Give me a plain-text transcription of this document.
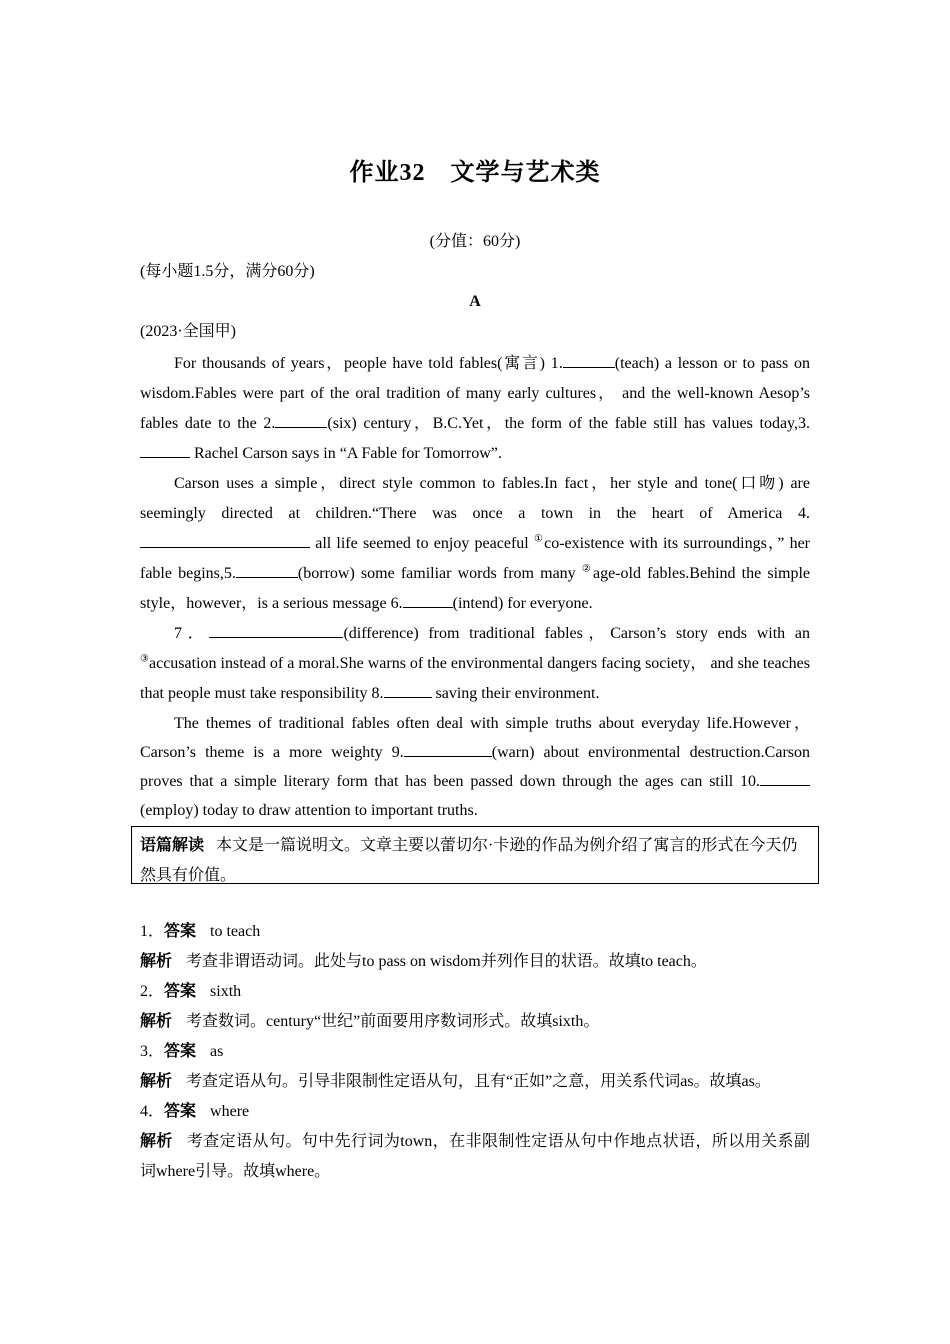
作业32　文学与艺术类
(分值：60分)
(每小题1.5分，满分60分)
A
(2023·全国甲)

For thousands of years，people have told fables(寓言) 1.	(teach) a lesson or to pass on wisdom.Fables were part of the oral tradition of many early cultures， and the well-known Aesop’s fables date to the 2.	(six) century，B.C.Yet，the form of the fable still has values today,3. Rachel Carson says in “A Fable for Tomorrow”.

Carson uses a simple，direct style common to fables.In fact，her style and tone(口吻) are seemingly directed at children.“There was once a town in the heart of America 4. all life seemed to enjoy peaceful ①co-existence with its surroundings，” her fable begins,5.	(borrow) some familiar words from many ②age-old fables.Behind the simple style，however，is a serious message 6.	(intend) for everyone.

7．	(difference) from traditional fables，Carson’s story ends with an ③accusation instead of a moral.She warns of the environmental dangers facing society， and she teaches that people must take responsibility 8.	saving their environment.

The themes of traditional fables often deal with simple truths about everyday life.However，Carson’s theme is a more weighty 9.	(warn) about environmental destruction.Carson proves that a simple literary form that has been passed down through the ages can still 10.(employ) today to draw attention to important truths.

语篇解读 本文是一篇说明文。文章主要以蕾切尔·卡逊的作品为例介绍了寓言的形式在今天仍然具有价值。
1．答案 to teach
解析 考查非谓语动词。此处与to pass on wisdom并列作目的状语。故填to teach。
2．答案 sixth
解析 考查数词。century“世纪”前面要用序数词形式。故填sixth。
3．答案 as
解析 考查定语从句。引导非限制性定语从句，且有“正如”之意，用关系代词as。故填as。
4．答案 where
解析 考查定语从句。句中先行词为town，在非限制性定语从句中作地点状语，所以用关系副词where引导。故填where。
